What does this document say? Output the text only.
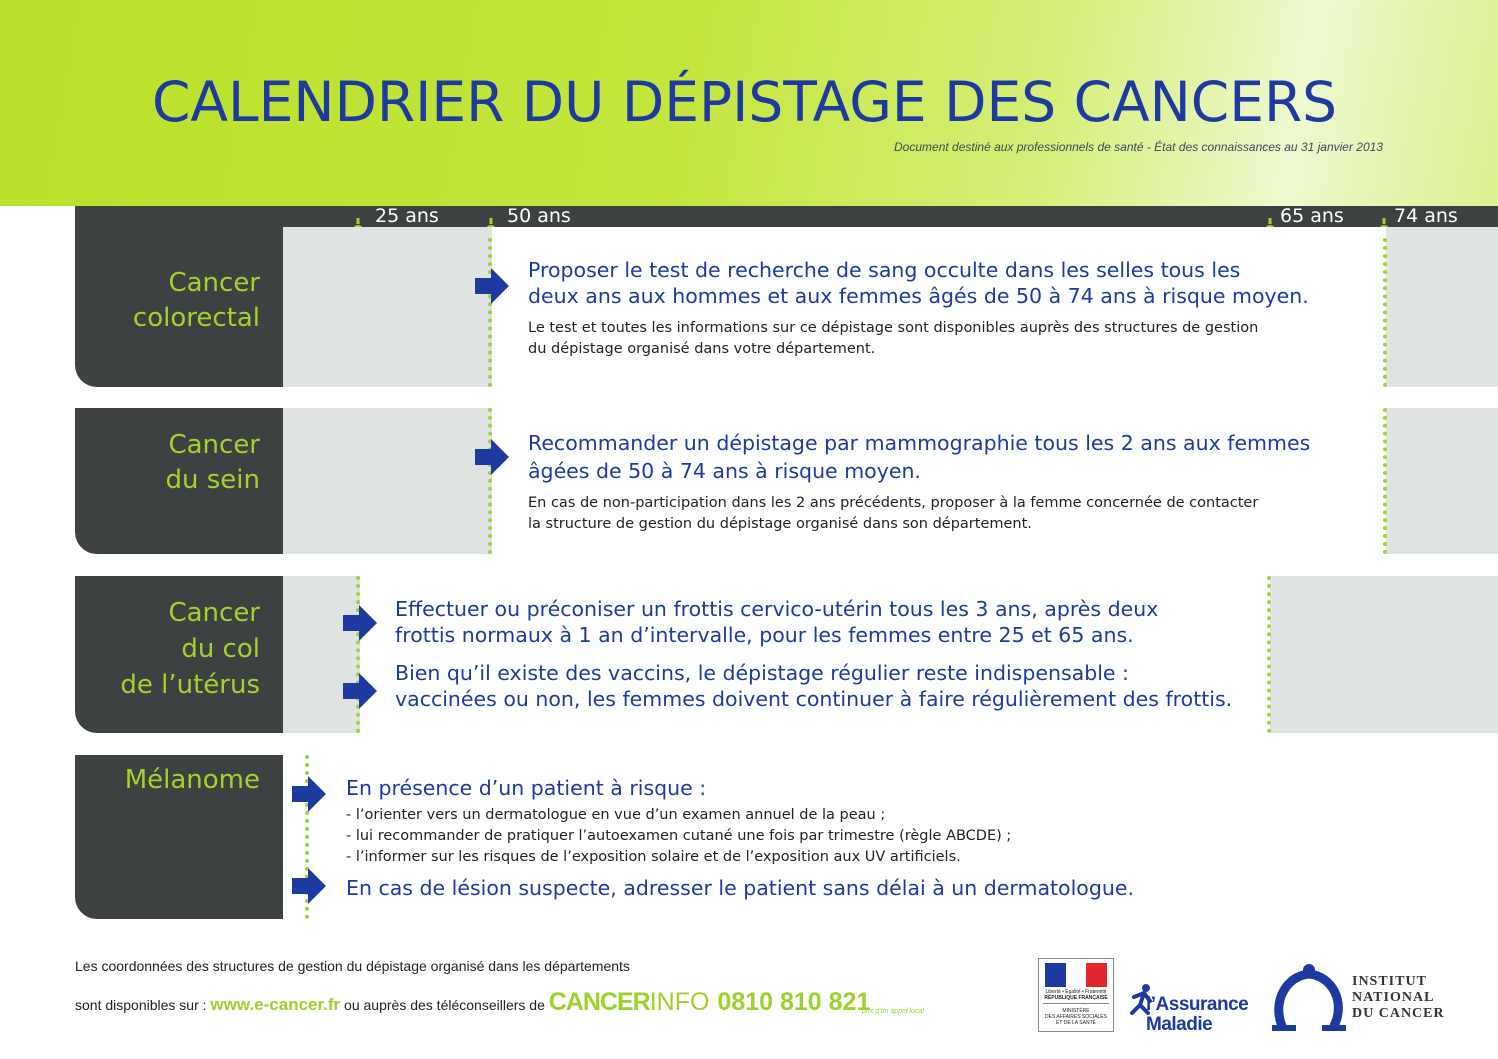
CALENDRIER DU DÉPISTAGE DES CANCERS
Document destiné aux professionnels de santé - État des connaissances au 31 janvier 2013
25 ans	50 ans	65 ans	74 ans
Cancer
colorectal
Proposer le test de recherche de sang occulte dans les selles tous les
deux ans aux hommes et aux femmes âgés de 50 à 74 ans à risque moyen.
Le test et toutes les informations sur ce dépistage sont disponibles auprès des structures de gestion
du dépistage organisé dans votre département.
Cancer
du sein
Recommander un dépistage par mammographie tous les 2 ans aux femmes
âgées de 50 à 74 ans à risque moyen.
En cas de non-participation dans les 2 ans précédents, proposer à la femme concernée de contacter
la structure de gestion du dépistage organisé dans son département.
Cancer
du col
de l’utérus
Effectuer ou préconiser un frottis cervico-utérin tous les 3 ans, après deux
frottis normaux à 1 an d’intervalle, pour les femmes entre 25 et 65 ans.
Bien qu’il existe des vaccins, le dépistage régulier reste indispensable :
vaccinées ou non, les femmes doivent continuer à faire régulièrement des frottis.
Mélanome	En présence d’un patient à risque :
- l’orienter vers un dermatologue en vue d’un examen annuel de la peau ;
- lui recommander de pratiquer l’autoexamen cutané une fois par trimestre (règle ABCDE) ;
- l’informer sur les risques de l’exposition solaire et de l’exposition aux UV artificiels.
En cas de lésion suspecte, adresser le patient sans délai à un dermatologue.
Les coordonnées des structures de gestion du dépistage organisé dans les départements
sont disponibles sur : www.e-cancer.fr ou auprès des téléconseillers de CANCERINFO 0810 810 821
prix d’un appel local
Liberté • Égalité • Fraternité
RÉPUBLIQUE FRANÇAISE
MINISTÈRE
DES AFFAIRES SOCIALES
ET DE LA SANTÉ
l’Assurance
Maladie
INSTITUT
NATIONAL
DU CANCER
